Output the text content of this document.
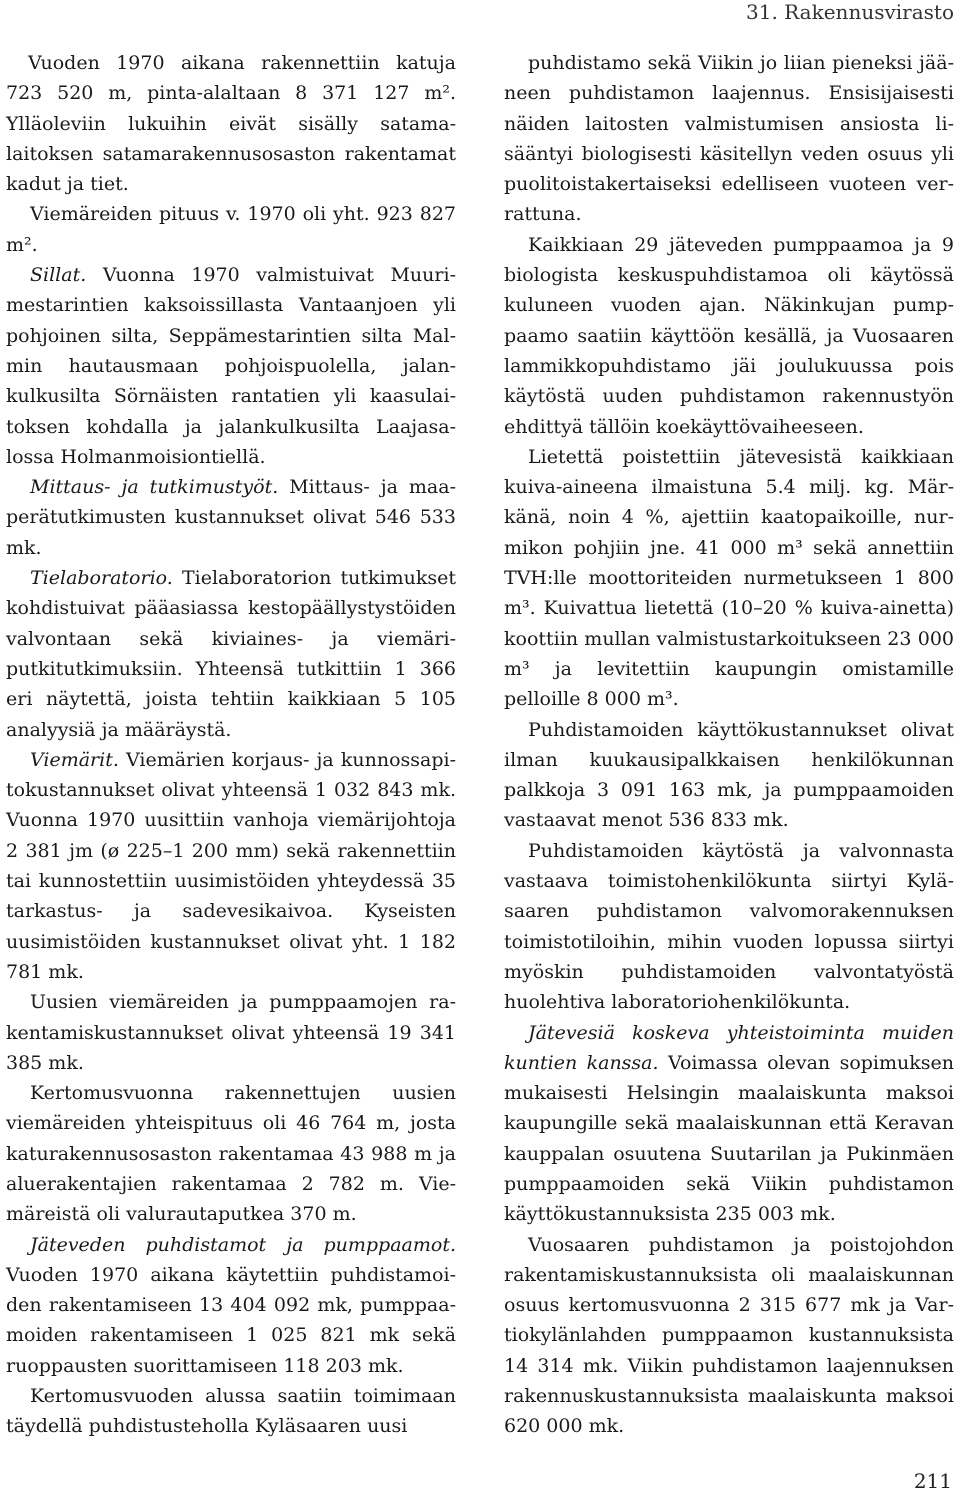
31. Rakennusvirasto

Vuoden 1970 aikana rakennettiin katuja 723 520 m, pinta-alaltaan 8 371 127 m². Ylläoleviin lukuihin eivät sisälly satamalaitoksen satamarakennusosaston rakentamat kadut ja tiet.

Viemäreiden pituus v. 1970 oli yht. 923 827 m².

Sillat. Vuonna 1970 valmistuivat Muurimestarintien kaksoissillasta Vantaanjoen yli pohjoinen silta, Seppämestarintien silta Malmin hautausmaan pohjoispuolella, jalankulkusilta Sörnäisten rantatien yli kaasulaitoksen kohdalla ja jalankulkusilta Laajasalossa Holmanmoisiontiellä.

Mittaus- ja tutkimustyöt. Mittaus- ja maaperätutkimusten kustannukset olivat 546 533 mk.

Tielaboratorio. Tielaboratorion tutkimukset kohdistuivat pääasiassa kestopäällystystöiden valvontaan sekä kiviaines- ja viemäriputkitutkimuksiin. Yhteensä tutkittiin 1 366 eri näytettä, joista tehtiin kaikkiaan 5 105 analyysiä ja määräystä.

Viemärit. Viemärien korjaus- ja kunnossapitokustannukset olivat yhteensä 1 032 843 mk. Vuonna 1970 uusittiin vanhoja viemärijohtoja 2 381 jm (ø 225–1 200 mm) sekä rakennettiin tai kunnostettiin uusimistöiden yhteydessä 35 tarkastus- ja sadevesikaivoa. Kyseisten uusimistöiden kustannukset olivat yht. 1 182 781 mk.

Uusien viemäreiden ja pumppaamojen rakentamiskustannukset olivat yhteensä 19 341 385 mk.

Kertomusvuonna rakennettujen uusien viemäreiden yhteispituus oli 46 764 m, josta katurakennusosaston rakentamaa 43 988 m ja aluerakentajien rakentamaa 2 782 m. Viemäreistä oli valurautaputkea 370 m.

Jäteveden puhdistamot ja pumppaamot. Vuoden 1970 aikana käytettiin puhdistamoiden rakentamiseen 13 404 092 mk, pumppaamoiden rakentamiseen 1 025 821 mk sekä ruoppausten suorittamiseen 118 203 mk.

Kertomusvuoden alussa saatiin toimimaan täydellä puhdistusteholla Kyläsaaren uusi

puhdistamo sekä Viikin jo liian pieneksi jääneen puhdistamon laajennus. Ensisijaisesti näiden laitosten valmistumisen ansiosta lisääntyi biologisesti käsitellyn veden osuus yli puolitoistakertaiseksi edelliseen vuoteen verrattuna.

Kaikkiaan 29 jäteveden pumppaamoa ja 9 biologista keskuspuhdistamoa oli käytössä kuluneen vuoden ajan. Näkinkujan pumppaamo saatiin käyttöön kesällä, ja Vuosaaren lammikkopuhdistamo jäi joulukuussa pois käytöstä uuden puhdistamon rakennustyön ehdittyä tällöin koekäyttövaiheeseen.

Lietettä poistettiin jätevesistä kaikkiaan kuiva-aineena ilmaistuna 5.4 milj. kg. Märkänä, noin 4 %, ajettiin kaatopaikoille, nurmikon pohjiin jne. 41 000 m³ sekä annettiin TVH:lle moottoriteiden nurmetukseen 1 800 m³. Kuivattua lietettä (10–20 % kuiva-ainetta) koottiin mullan valmistustarkoitukseen 23 000 m³ ja levitettiin kaupungin omistamille pelloille 8 000 m³.

Puhdistamoiden käyttökustannukset olivat ilman kuukausipalkkaisen henkilökunnan palkkoja 3 091 163 mk, ja pumppaamoiden vastaavat menot 536 833 mk.

Puhdistamoiden käytöstä ja valvonnasta vastaava toimistohenkilökunta siirtyi Kyläsaaren puhdistamon valvomorakennuksen toimistotiloihin, mihin vuoden lopussa siirtyi myöskin puhdistamoiden valvontatyöstä huolehtiva laboratoriohenkilökunta.

Jätevesiä koskeva yhteistoiminta muiden kuntien kanssa. Voimassa olevan sopimuksen mukaisesti Helsingin maalaiskunta maksoi kaupungille sekä maalaiskunnan että Keravan kauppalan osuutena Suutarilan ja Pukinmäen pumppaamoiden sekä Viikin puhdistamon käyttökustannuksista 235 003 mk.

Vuosaaren puhdistamon ja poistojohdon rakentamiskustannuksista oli maalaiskunnan osuus kertomusvuonna 2 315 677 mk ja Vartiokylänlahden pumppaamon kustannuksista 14 314 mk. Viikin puhdistamon laajennuksen rakennuskustannuksista maalaiskunta maksoi 620 000 mk.

211
